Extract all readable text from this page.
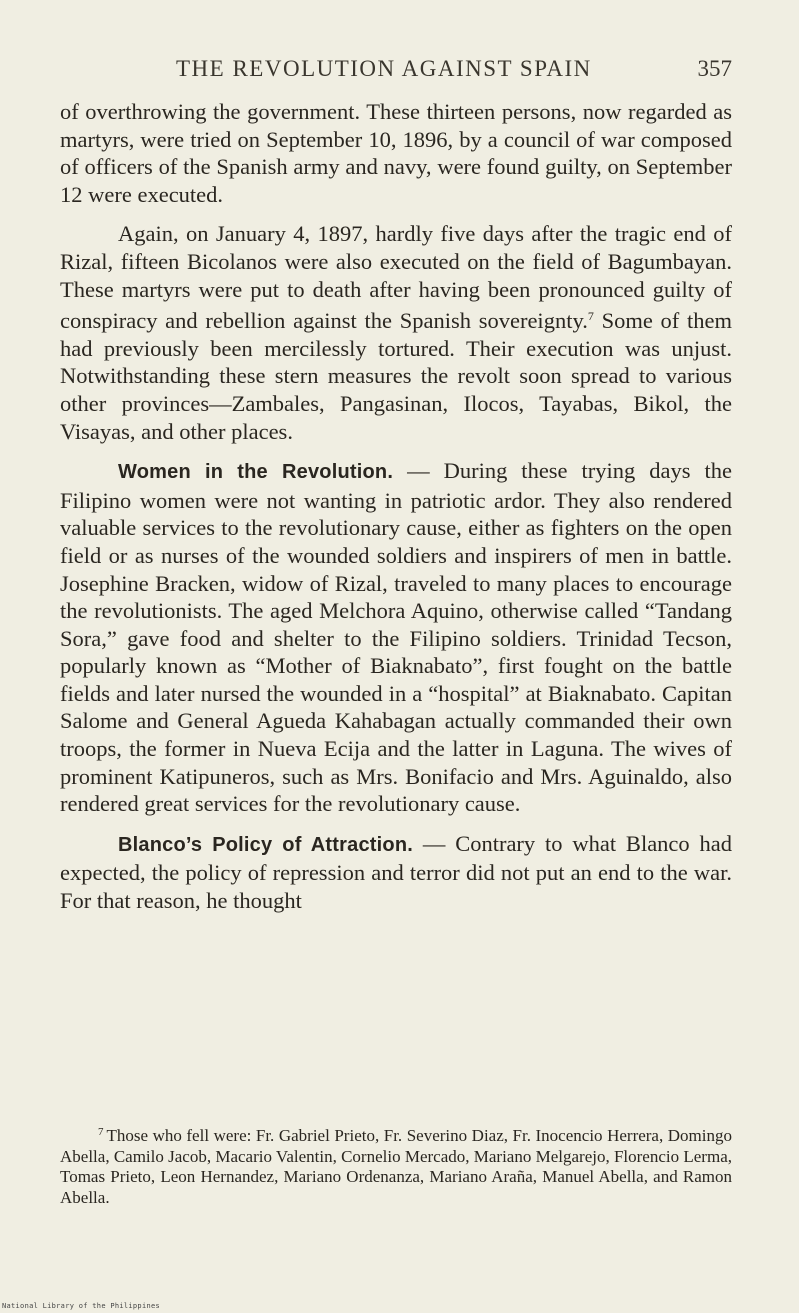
THE REVOLUTION AGAINST SPAIN	357

of overthrowing the government. These thirteen persons, now regarded as martyrs, were tried on September 10, 1896, by a council of war composed of officers of the Spanish army and navy, were found guilty, on September 12 were executed.

Again, on January 4, 1897, hardly five days after the tragic end of Rizal, fifteen Bicolanos were also executed on the field of Bagumbayan. These martyrs were put to death after having been pronounced guilty of conspiracy and rebellion against the Spanish sovereignty.$^7$ Some of them had previously been mercilessly tortured. Their execution was unjust. Notwithstanding these stern measures the revolt soon spread to various other provinces—Zambales, Pangasinan, Ilocos, Tayabas, Bikol, the Visayas, and other places.

Women in the Revolution. — During these trying days the Filipino women were not wanting in patriotic ardor. They also rendered valuable services to the revolutionary cause, either as fighters on the open field or as nurses of the wounded soldiers and inspirers of men in battle. Josephine Bracken, widow of Rizal, traveled to many places to encourage the revolutionists. The aged Melchora Aquino, otherwise called “Tandang Sora,” gave food and shelter to the Filipino soldiers. Trinidad Tecson, popularly known as “Mother of Biaknabato”, first fought on the battle fields and later nursed the wounded in a “hospital” at Biaknabato. Capitan Salome and General Agueda Kahabagan actually commanded their own troops, the former in Nueva Ecija and the latter in Laguna. The wives of prominent Katipuneros, such as Mrs. Bonifacio and Mrs. Aguinaldo, also rendered great services for the revolutionary cause.

Blanco’s Policy of Attraction. — Contrary to what Blanco had expected, the policy of repression and terror did not put an end to the war. For that reason, he thought

$^7$ Those who fell were: Fr. Gabriel Prieto, Fr. Severino Diaz, Fr. Inocencio Herrera, Domingo Abella, Camilo Jacob, Macario Valentin, Cornelio Mercado, Mariano Melgarejo, Florencio Lerma, Tomas Prieto, Leon Hernandez, Mariano Ordenanza, Mariano Araña, Manuel Abella, and Ramon Abella.
National Library of the Philippines
